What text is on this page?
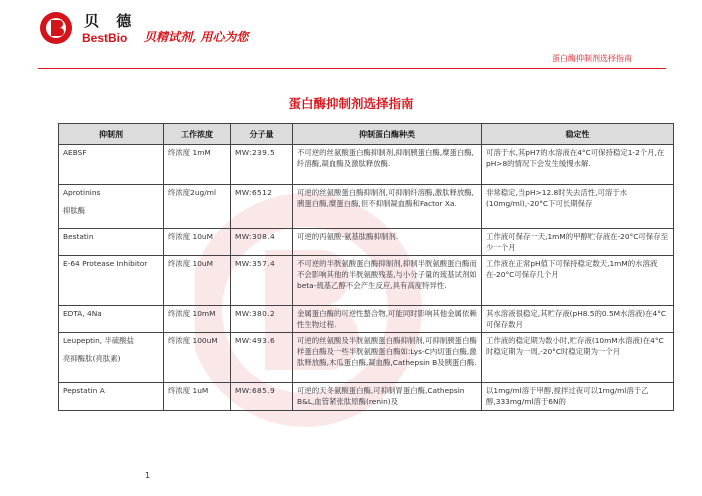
贝 德
BestBio 贝精试剂, 用心为您
蛋白酶抑制剂选择指南
蛋白酶抑制剂选择指南
抑制剂	工作浓度	分子量	抑制蛋白酶种类	稳定性
AEBSF	终浓度 1mM	MW:239.5	不可逆的丝氨酸蛋白酶抑制剂,抑制胰蛋白酶,糜蛋白酶,纤溶酶,凝血酶及激肽释放酶.	可溶于水,其pH7的水溶液在4°C可保持稳定1-2个月,在pH>8的情况下会发生缓慢水解.
Aprotinins
抑肽酶	终浓度2ug/ml	MW:6512	可逆的丝氨酸蛋白酶抑制剂,可抑制纤溶酶,激肽释放酶,胰蛋白酶,糜蛋白酶,但不抑制凝血酶和Factor Xa.	非常稳定,当pH>12.8时失去活性,可溶于水(10mg/ml),-20°C下可长期保存
Bestatin	终浓度 10uM	MW:308.4	可逆的丙氨酸-氨基肽酶抑制剂.	工作液可保存一天,1mM的甲醇贮存液在-20°C可保存至少一个月
E-64 Protease Inhibitor	终浓度 10uM	MW:357.4	不可逆的半胱氨酸蛋白酶抑制剂,抑制半胱氨酸蛋白酶而不会影响其他的半胱氨酸残基,与小分子量的巯基试剂如beta-巯基乙醇不会产生反应,具有高度特异性.	工作液在正常pH值下可保持稳定数天,1mM的水溶液在-20°C可保存几个月
EDTA, 4Na	终浓度 10mM	MW:380.2	金属蛋白酶的可逆性螯合物,可能同时影响其他金属依赖性生物过程.	其水溶液很稳定,其贮存液(pH8.5的0.5M水溶液)在4°C可保存数月
Leupeptin, 半硫酸盐
亮抑酶肽(亮肽素)	终浓度 100uM	MW:493.6	可逆的丝氨酸及半胱氨酸蛋白酶抑制剂,可抑制胰蛋白酶样蛋白酶及一些半胱氨酸蛋白酶如:Lys-C内切蛋白酶,激肽释放酶,木瓜蛋白酶,凝血酶,Cathepsin B及胰蛋白酶.	工作液的稳定期为数小时,贮存液(10mM水溶液)在4°C时稳定期为一周,-20°C时稳定期为一个月
Pepstatin A	终浓度 1uM	MW:685.9	可逆的天冬氨酸蛋白酶,可抑制胃蛋白酶,Cathepsin B&L,血管紧张肽原酶(renin)及	以1mg/ml溶于甲醇,搅拌过夜可以1mg/ml溶于乙醇,333mg/ml溶于6N的
1
